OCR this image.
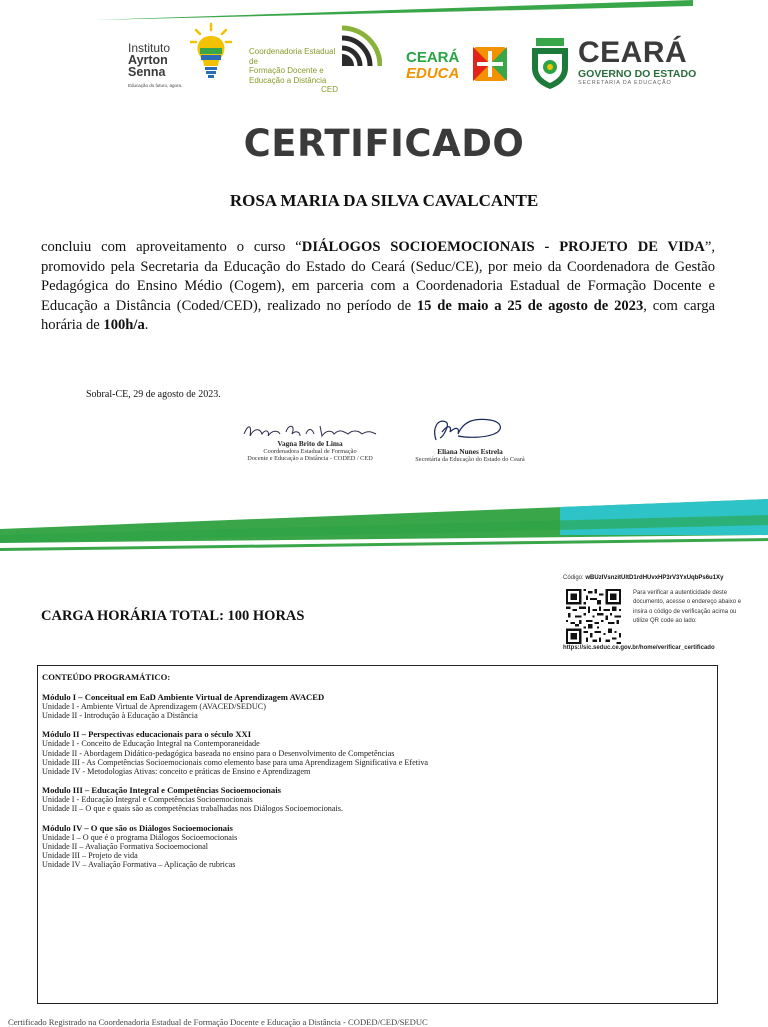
Instituto
Ayrton
Senna
Educação do futuro, agora.
Coordenadoria Estadual de
Formação Docente e
Educação a Distância
CED
CEARÁ
EDUCA
CEARÁ
GOVERNO DO ESTADO
SECRETARIA DA EDUCAÇÃO
CERTIFICADO
ROSA MARIA DA SILVA CAVALCANTE
concluiu com aproveitamento o curso “DIÁLOGOS SOCIOEMOCIONAIS - PROJETO DE VIDA”, promovido pela Secretaria da Educação do Estado do Ceará (Seduc/CE), por meio da Coordenadora de Gestão Pedagógica do Ensino Médio (Cogem), em parceria com a Coordenadoria Estadual de Formação Docente e Educação a Distância (Coded/CED), realizado no período de 15 de maio a 25 de agosto de 2023, com carga horária de 100h/a.
Sobral-CE, 29 de agosto de 2023.
Vagna Brito de Lima
Coordenadora Estadual de Formação
Docente e Educação a Distância - CODED / CED
Eliana Nunes Estrela
Secretária da Educação do Estado do Ceará
Código: wBUzIVsnzitUltD1rdHUvxHP3rV3YxUqbPs6u1Xy
Para verificar a autenticidade deste documento, acesse o endereço abaixo e insira o código de verificação acima ou utilize QR code ao lado:
https://sic.seduc.ce.gov.br/home/verificar_certificado
CARGA HORÁRIA TOTAL: 100 HORAS
CONTEÚDO PROGRAMÁTICO:
Módulo I – Conceitual em EaD Ambiente Virtual de Aprendizagem AVACED
Unidade I - Ambiente Virtual de Aprendizagem (AVACED/SEDUC)
Unidade II - Introdução à Educação a Distância
Módulo II – Perspectivas educacionais para o século XXI
Unidade I - Conceito de Educação Integral na Contemporaneidade
Unidade II - Abordagem Didático-pedagógica baseada no ensino para o Desenvolvimento de Competências
Unidade III - As Competências Socioemocionais como elemento base para uma Aprendizagem Significativa e Efetiva
Unidade IV - Metodologias Ativas: conceito e práticas de Ensino e Aprendizagem
Modulo III – Educação Integral e Competências Socioemocionais
Unidade I - Educação Integral e Competências Socioemocionais
Unidade II – O que e quais são as competências trabalhadas nos Diálogos Socioemocionais.
Módulo IV – O que são os Diálogos Socioemocionais
Unidade I – O que é o programa Diálogos Socioemocionais
Unidade II – Avaliação Formativa Socioemocional
Unidade III – Projeto de vida
Unidade IV – Avaliação Formativa – Aplicação de rubricas
Certificado Registrado na Coordenadoria Estadual de Formação Docente e Educação a Distância - CODED/CED/SEDUC
